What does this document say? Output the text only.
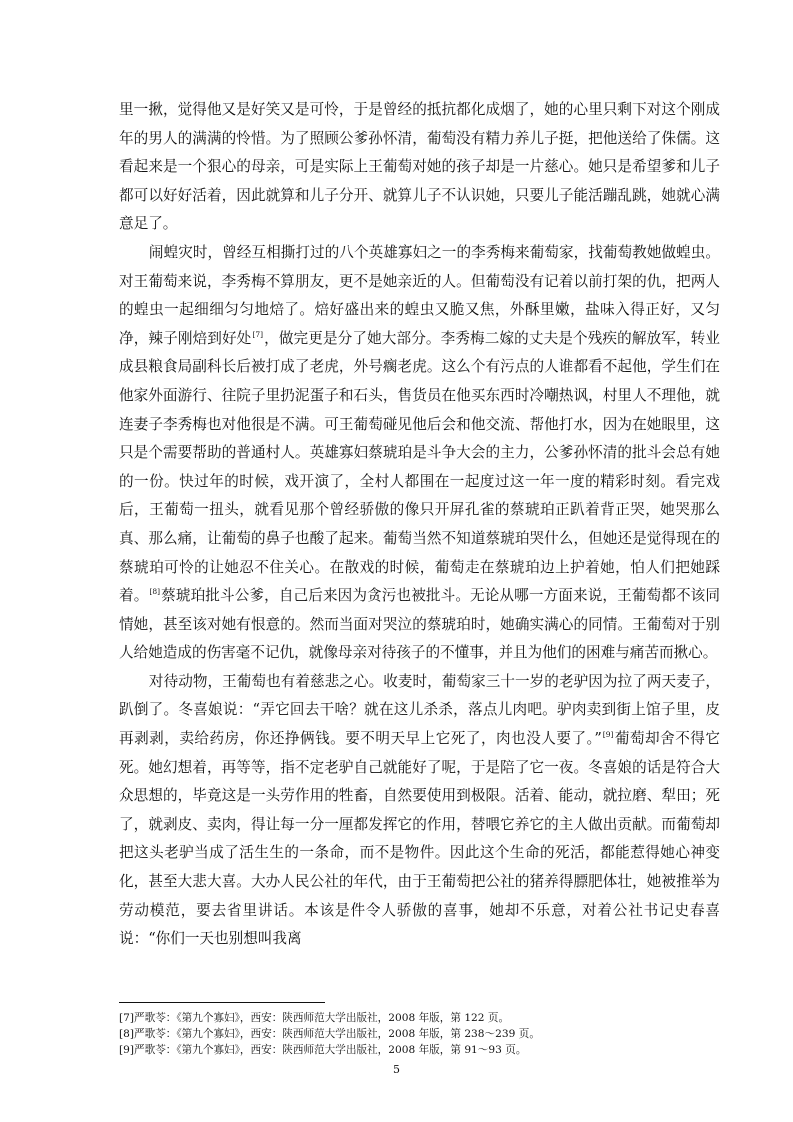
里一揪，觉得他又是好笑又是可怜，于是曾经的抵抗都化成烟了，她的心里只剩下对这个刚成年的男人的满满的怜惜。为了照顾公爹孙怀清，葡萄没有精力养儿子挺，把他送给了侏儒。这看起来是一个狠心的母亲，可是实际上王葡萄对她的孩子却是一片慈心。她只是希望爹和儿子都可以好好活着，因此就算和儿子分开、就算儿子不认识她，只要儿子能活蹦乱跳，她就心满意足了。

闹蝗灾时，曾经互相撕打过的八个英雄寡妇之一的李秀梅来葡萄家，找葡萄教她做蝗虫。对王葡萄来说，李秀梅不算朋友，更不是她亲近的人。但葡萄没有记着以前打架的仇，把两人的蝗虫一起细细匀匀地焙了。焙好盛出来的蝗虫又脆又焦，外酥里嫩，盐味入得正好，又匀净，辣子刚焙到好处[7]，做完更是分了她大部分。李秀梅二嫁的丈夫是个残疾的解放军，转业成县粮食局副科长后被打成了老虎，外号瘸老虎。这么个有污点的人谁都看不起他，学生们在他家外面游行、往院子里扔泥蛋子和石头，售货员在他买东西时冷嘲热讽，村里人不理他，就连妻子李秀梅也对他很是不满。可王葡萄碰见他后会和他交流、帮他打水，因为在她眼里，这只是个需要帮助的普通村人。英雄寡妇蔡琥珀是斗争大会的主力，公爹孙怀清的批斗会总有她的一份。快过年的时候，戏开演了，全村人都围在一起度过这一年一度的精彩时刻。看完戏后，王葡萄一扭头，就看见那个曾经骄傲的像只开屏孔雀的蔡琥珀正趴着背正哭，她哭那么真、那么痛，让葡萄的鼻子也酸了起来。葡萄当然不知道蔡琥珀哭什么，但她还是觉得现在的蔡琥珀可怜的让她忍不住关心。在散戏的时候，葡萄走在蔡琥珀边上护着她，怕人们把她踩着。[8]蔡琥珀批斗公爹，自己后来因为贪污也被批斗。无论从哪一方面来说，王葡萄都不该同情她，甚至该对她有恨意的。然而当面对哭泣的蔡琥珀时，她确实满心的同情。王葡萄对于别人给她造成的伤害毫不记仇，就像母亲对待孩子的不懂事，并且为他们的困难与痛苦而揪心。

对待动物，王葡萄也有着慈悲之心。收麦时，葡萄家三十一岁的老驴因为拉了两天麦子，趴倒了。冬喜娘说：“弄它回去干啥？就在这儿杀杀，落点儿肉吧。驴肉卖到街上馆子里，皮再剥剥，卖给药房，你还挣俩钱。要不明天早上它死了，肉也没人要了。”[9]葡萄却舍不得它死。她幻想着，再等等，指不定老驴自己就能好了呢，于是陪了它一夜。冬喜娘的话是符合大众思想的，毕竟这是一头劳作用的牲畜，自然要使用到极限。活着、能动，就拉磨、犁田；死了，就剥皮、卖肉，得让每一分一厘都发挥它的作用，替喂它养它的主人做出贡献。而葡萄却把这头老驴当成了活生生的一条命，而不是物件。因此这个生命的死活，都能惹得她心神变化，甚至大悲大喜。大办人民公社的年代，由于王葡萄把公社的猪养得膘肥体壮，她被推举为劳动模范，要去省里讲话。本该是件令人骄傲的喜事，她却不乐意，对着公社书记史春喜说：“你们一天也别想叫我离

[7]严歌苓：《第九个寡妇》，西安：陕西师范大学出版社，2008 年版，第 122 页。

[8]严歌苓：《第九个寡妇》，西安：陕西师范大学出版社，2008 年版，第 238～239 页。

[9]严歌苓：《第九个寡妇》，西安：陕西师范大学出版社，2008 年版，第 91～93 页。

5
